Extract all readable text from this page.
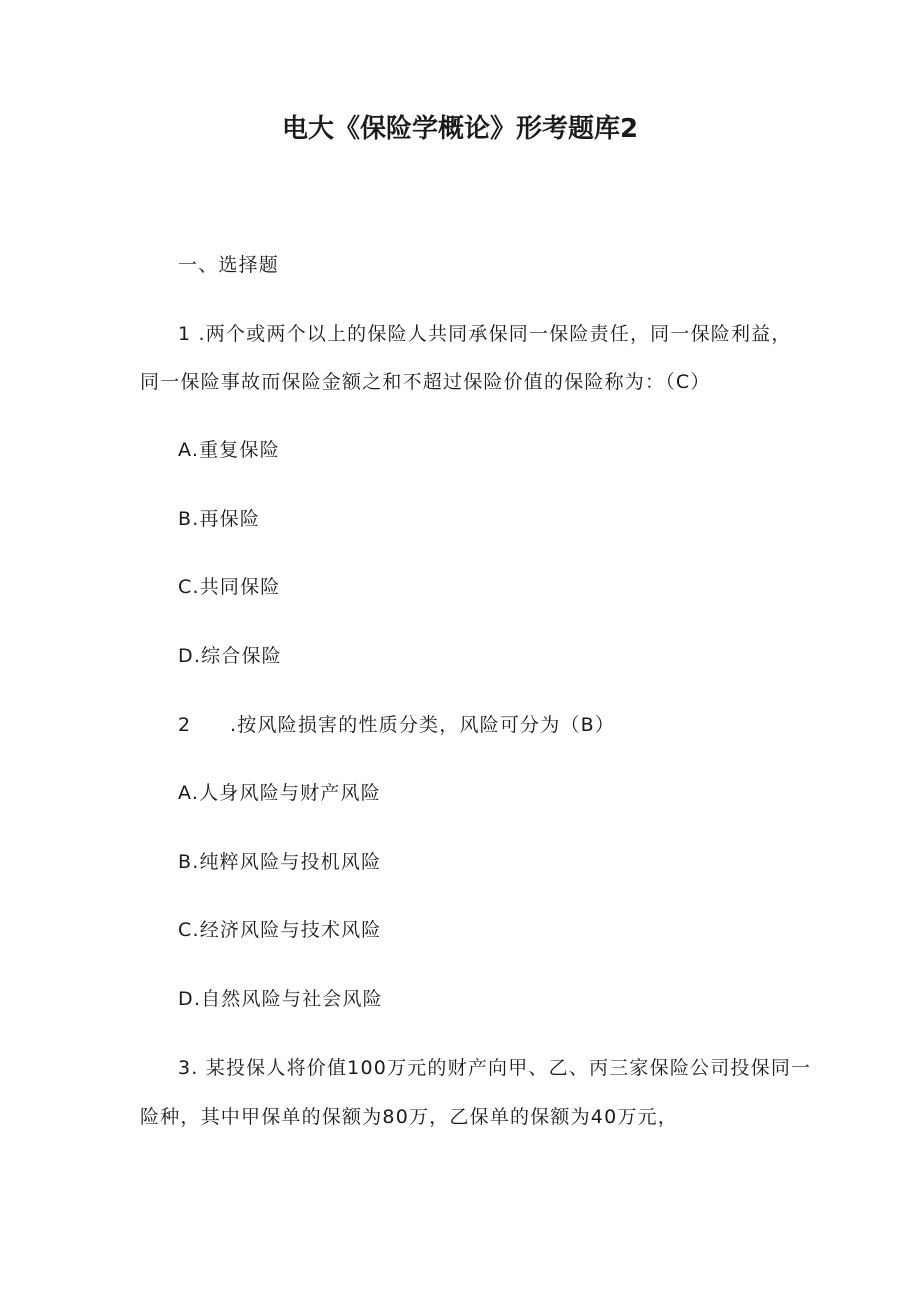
电大《保险学概论》形考题库2
一、选择题
1 .两个或两个以上的保险人共同承保同一保险责任，同一保险利益，
同一保险事故而保险金额之和不超过保险价值的保险称为：（C）
A.重复保险
B.再保险
C.共同保险
D.综合保险
2 .按风险损害的性质分类，风险可分为（B）
A.人身风险与财产风险
B.纯粹风险与投机风险
C.经济风险与技术风险
D.自然风险与社会风险
3. 某投保人将价值100万元的财产向甲、乙、丙三家保险公司投保同一
险种，其中甲保单的保额为80万，乙保单的保额为40万元，
